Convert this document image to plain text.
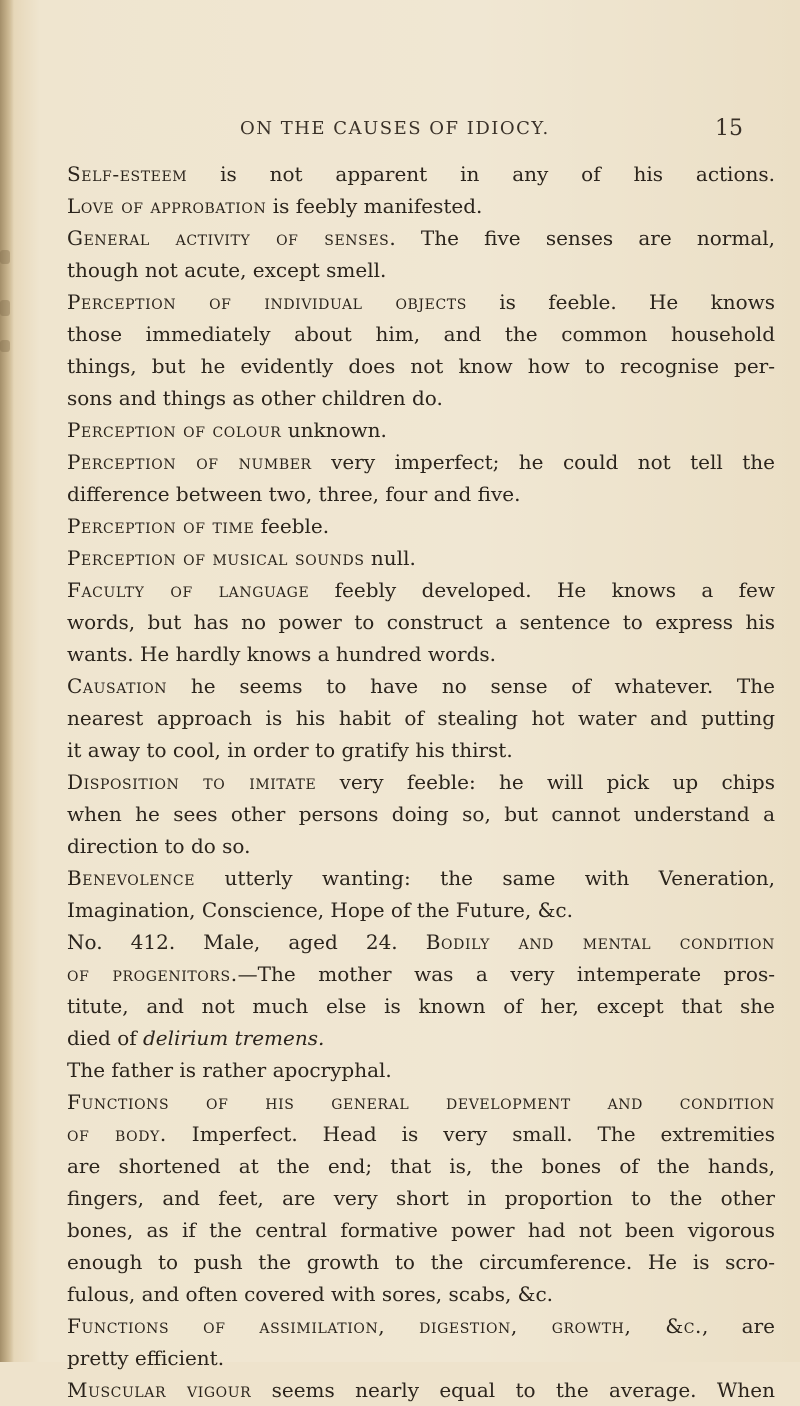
ON THE CAUSES OF IDIOCY.	15
Self-esteem is not apparent in any of his actions.
Love of approbation is feebly manifested.
General activity of senses. The five senses are normal,
though not acute, except smell.
Perception of individual objects is feeble. He knows
those immediately about him, and the common household
things, but he evidently does not know how to recognise per-
sons and things as other children do.
Perception of colour unknown.
Perception of number very imperfect; he could not tell the
difference between two, three, four and five.
Perception of time feeble.
Perception of musical sounds null.
Faculty of language feebly developed. He knows a few
words, but has no power to construct a sentence to express his
wants. He hardly knows a hundred words.
Causation he seems to have no sense of whatever. The
nearest approach is his habit of stealing hot water and putting
it away to cool, in order to gratify his thirst.
Disposition to imitate very feeble: he will pick up chips
when he sees other persons doing so, but cannot understand a
direction to do so.
Benevolence utterly wanting: the same with Veneration,
Imagination, Conscience, Hope of the Future, &c.
No. 412. Male, aged 24. Bodily and mental condition
of progenitors.—The mother was a very intemperate pros-
titute, and not much else is known of her, except that she
died of delirium tremens.
The father is rather apocryphal.
Functions of his general development and condition
of body. Imperfect. Head is very small. The extremities
are shortened at the end; that is, the bones of the hands,
fingers, and feet, are very short in proportion to the other
bones, as if the central formative power had not been vigorous
enough to push the growth to the circumference. He is scro-
fulous, and often covered with sores, scabs, &c.
Functions of assimilation, digestion, growth, &c., are
pretty efficient.
Muscular vigour seems nearly equal to the average. When
